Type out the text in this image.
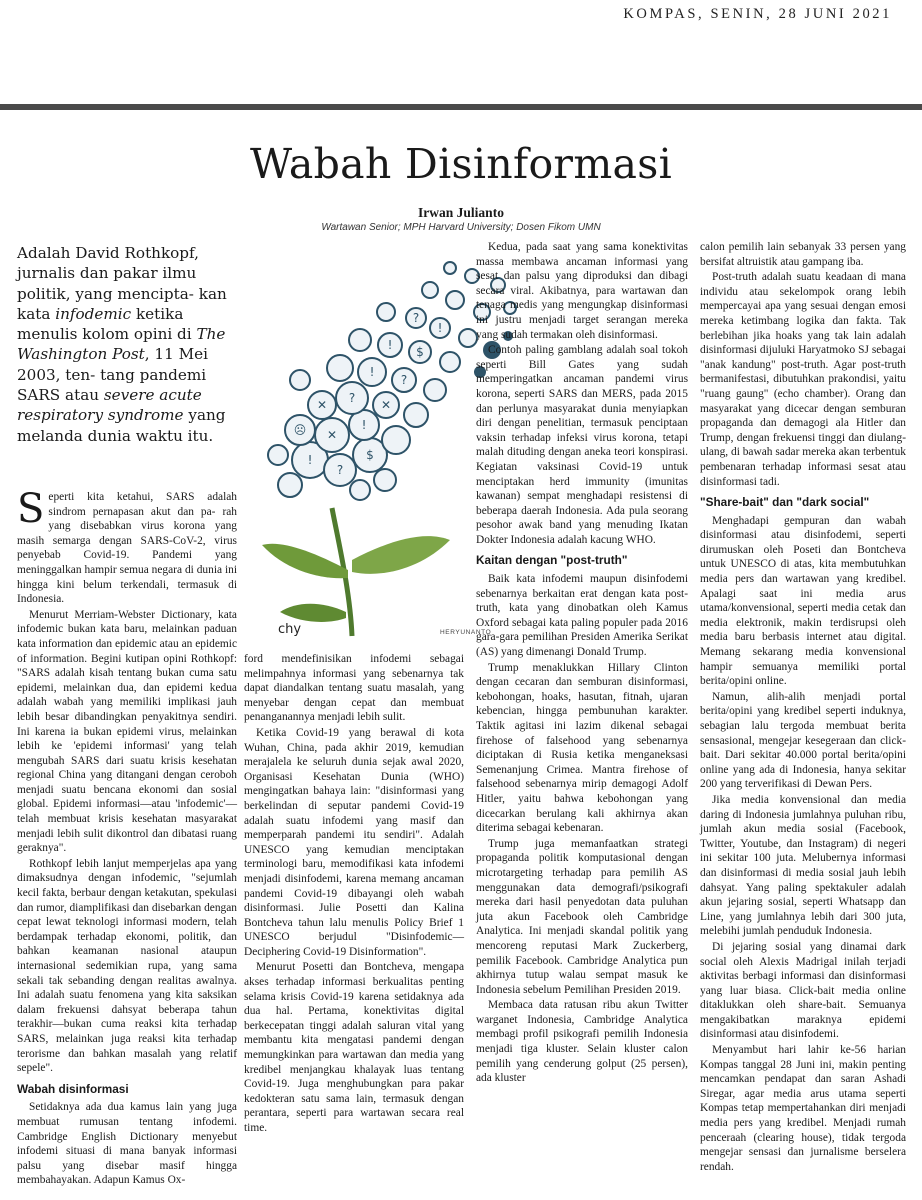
KOMPAS, SENIN, 28 JUNI 2021
Wabah Disinformasi
Irwan Julianto
Wartawan Senior; MPH Harvard University; Dosen Fikom UMN
Adalah David Rothkopf, jurnalis dan pakar ilmu politik, yang mencipta- kan kata infodemic ketika menulis kolom opini di The Washington Post, 11 Mei 2003, ten- tang pandemi SARS atau severe acute respiratory syndrome yang melanda dunia waktu itu.

Seperti kita ketahui, SARS adalah sindrom pernapasan akut dan pa- rah yang disebabkan virus korona yang masih semarga dengan SARS-CoV-2, virus penyebab Covid-19. Pandemi yang meninggalkan hampir semua negara di dunia ini hingga kini belum terkendali, termasuk di Indonesia.

Menurut Merriam-Webster Dictionary, kata infodemic bukan kata baru, melainkan paduan kata information dan epidemic atau an epidemic of information. Begini kutipan opini Rothkopf: "SARS adalah kisah tentang bukan cuma satu epidemi, melainkan dua, dan epidemi kedua adalah wabah yang memiliki implikasi jauh lebih besar dibandingkan penyakitnya sendiri. Ini karena ia bukan epidemi virus, melainkan lebih ke 'epidemi informasi' yang telah mengubah SARS dari suatu krisis kesehatan regional China yang ditangani dengan ceroboh menjadi suatu bencana ekonomi dan sosial global. Epidemi informasi—atau 'infodemic'—telah membuat krisis kesehatan masyarakat menjadi lebih sulit dikontrol dan dibatasi ruang geraknya".

Rothkopf lebih lanjut memperjelas apa yang dimaksudnya dengan infodemic, "sejumlah kecil fakta, berbaur dengan ketakutan, spekulasi dan rumor, diamplifikasi dan disebarkan dengan cepat lewat teknologi informasi modern, telah berdampak terhadap ekonomi, politik, dan bahkan keamanan nasional ataupun internasional sedemikian rupa, yang sama sekali tak sebanding dengan realitas awalnya. Ini adalah suatu fenomena yang kita saksikan dalam frekuensi dahsyat beberapa tahun terakhir—bukan cuma reaksi kita terhadap SARS, melainkan juga reaksi kita terhadap terorisme dan bahkan masalah yang relatif sepele".

Wabah disinformasi

Setidaknya ada dua kamus lain yang juga membuat rumusan tentang infodemi. Cambridge English Dictionary menyebut infodemi situasi di mana banyak informasi palsu yang disebar masif hingga membahayakan. Adapun Kamus Ox-

!
?
$
✕
!
? ✕
!
?
! $
?
!
☹
✕
chy	HERYUNANTO

ford mendefinisikan infodemi sebagai melimpahnya informasi yang sebenarnya tak dapat diandalkan tentang suatu masalah, yang menyebar dengan cepat dan membuat penanganannya menjadi lebih sulit.

Ketika Covid-19 yang berawal di kota Wuhan, China, pada akhir 2019, kemudian merajalela ke seluruh dunia sejak awal 2020, Organisasi Kesehatan Dunia (WHO) mengingatkan bahaya lain: "disinformasi yang berkelindan di seputar pandemi Covid-19 adalah suatu infodemi yang masif dan memperparah pandemi itu sendiri". Adalah UNESCO yang kemudian menciptakan terminologi baru, memodifikasi kata infodemi menjadi disinfodemi, karena memang ancaman pandemi Covid-19 dibayangi oleh wabah disinformasi. Julie Posetti dan Kalina Bontcheva tahun lalu menulis Policy Brief 1 UNESCO berjudul "Disinfodemic—Deciphering Covid-19 Disinformation".

Menurut Posetti dan Bontcheva, mengapa akses terhadap informasi berkualitas penting selama krisis Covid-19 karena setidaknya ada dua hal. Pertama, konektivitas digital berkecepatan tinggi adalah saluran vital yang membantu kita mengatasi pandemi dengan memungkinkan para wartawan dan media yang kredibel menjangkau khalayak luas tentang Covid-19. Juga menghubungkan para pakar kedokteran satu sama lain, termasuk dengan perantara, seperti para wartawan secara real time.

Kedua, pada saat yang sama konektivitas massa membawa ancaman informasi yang sesat dan palsu yang diproduksi dan dibagi secara viral. Akibatnya, para wartawan dan tenaga medis yang mengungkap disinformasi ini justru menjadi target serangan mereka yang sudah termakan oleh disinformasi.

Contoh paling gamblang adalah soal tokoh seperti Bill Gates yang sudah memperingatkan ancaman pandemi virus korona, seperti SARS dan MERS, pada 2015 dan perlunya masyarakat dunia menyiapkan diri dengan penelitian, termasuk penciptaan vaksin terhadap infeksi virus korona, tetapi malah dituding dengan aneka teori konspirasi. Kegiatan vaksinasi Covid-19 untuk menciptakan herd immunity (imunitas kawanan) sempat menghadapi resistensi di beberapa daerah Indonesia. Ada pula seorang pesohor awak band yang menuding Ikatan Dokter Indonesia adalah kacung WHO.

Kaitan dengan "post-truth"

Baik kata infodemi maupun disinfodemi sebenarnya berkaitan erat dengan kata post-truth, kata yang dinobatkan oleh Kamus Oxford sebagai kata paling populer pada 2016 gara-gara pemilihan Presiden Amerika Serikat (AS) yang dimenangi Donald Trump.

Trump menaklukkan Hillary Clinton dengan cecaran dan semburan disinformasi, kebohongan, hoaks, hasutan, fitnah, ujaran kebencian, hingga pembunuhan karakter. Taktik agitasi ini lazim dikenal sebagai firehose of falsehood yang sebenarnya diciptakan di Rusia ketika menganeksasi Semenanjung Crimea. Mantra firehose of falsehood sebenarnya mirip demagogi Adolf Hitler, yaitu bahwa kebohongan yang dicecarkan berulang kali akhirnya akan diterima sebagai kebenaran.

Trump juga memanfaatkan strategi propaganda politik komputasional dengan microtargeting terhadap para pemilih AS menggunakan data demografi/psikografi mereka dari hasil penyedotan data puluhan juta akun Facebook oleh Cambridge Analytica. Ini menjadi skandal politik yang mencoreng reputasi Mark Zuckerberg, pemilik Facebook. Cambridge Analytica pun akhirnya tutup walau sempat masuk ke Indonesia sebelum Pemilihan Presiden 2019.

Membaca data ratusan ribu akun Twitter warganet Indonesia, Cambridge Analytica membagi profil psikografi pemilih Indonesia menjadi tiga kluster. Selain kluster calon pemilih yang cenderung golput (25 persen), ada kluster

calon pemilih lain sebanyak 33 persen yang bersifat altruistik atau gampang iba.

Post-truth adalah suatu keadaan di mana individu atau sekelompok orang lebih mempercayai apa yang sesuai dengan emosi mereka ketimbang logika dan fakta. Tak berlebihan jika hoaks yang tak lain adalah disinformasi dijuluki Haryatmoko SJ sebagai "anak kandung" post-truth. Agar post-truth bermanifestasi, dibutuhkan prakondisi, yaitu "ruang gaung" (echo chamber). Orang dan masyarakat yang dicecar dengan semburan propaganda dan demagogi ala Hitler dan Trump, dengan frekuensi tinggi dan diulang-ulang, di bawah sadar mereka akan terbentuk pembenaran terhadap informasi sesat atau disinformasi tadi.

"Share-bait" dan "dark social"

Menghadapi gempuran dan wabah disinformasi atau disinfodemi, seperti dirumuskan oleh Poseti dan Bontcheva untuk UNESCO di atas, kita membutuhkan media pers dan wartawan yang kredibel. Apalagi saat ini media arus utama/konvensional, seperti media cetak dan media elektronik, makin terdisrupsi oleh media baru berbasis internet atau digital. Memang sekarang media konvensional hampir semuanya memiliki portal berita/opini online.

Namun, alih-alih menjadi portal berita/opini yang kredibel seperti induknya, sebagian lalu tergoda membuat berita sensasional, mengejar kesegeraan dan click-bait. Dari sekitar 40.000 portal berita/opini online yang ada di Indonesia, hanya sekitar 200 yang terverifikasi di Dewan Pers.

Jika media konvensional dan media daring di Indonesia jumlahnya puluhan ribu, jumlah akun media sosial (Facebook, Twitter, Youtube, dan Instagram) di negeri ini sekitar 100 juta. Melubernya informasi dan disinformasi di media sosial jauh lebih dahsyat. Yang paling spektakuler adalah akun jejaring sosial, seperti Whatsapp dan Line, yang jumlahnya lebih dari 300 juta, melebihi jumlah penduduk Indonesia.

Di jejaring sosial yang dinamai dark social oleh Alexis Madrigal inilah terjadi aktivitas berbagi informasi dan disinformasi yang luar biasa. Click-bait media online ditaklukkan oleh share-bait. Semuanya mengakibatkan maraknya epidemi disinformasi atau disinfodemi.

Menyambut hari lahir ke-56 harian Kompas tanggal 28 Juni ini, makin penting mencamkan pendapat dan saran Ashadi Siregar, agar media arus utama seperti Kompas tetap mempertahankan diri menjadi media pers yang kredibel. Menjadi rumah penceraah (clearing house), tidak tergoda mengejar sensasi dan jurnalisme berselera rendah.
